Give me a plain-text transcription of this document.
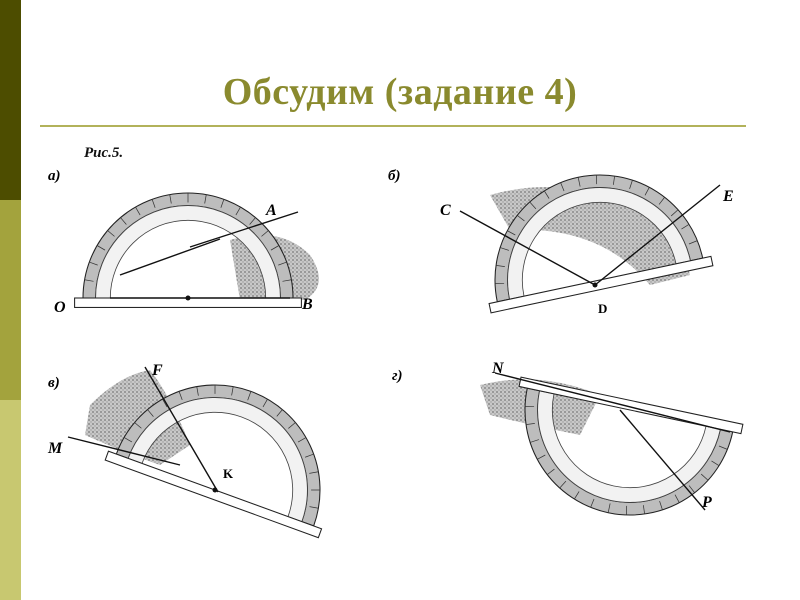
Обсудим (задание 4)
Рис.5.
а)
O
A
B
б)
C
E
D
в)
F
M
K
г)	N
P
